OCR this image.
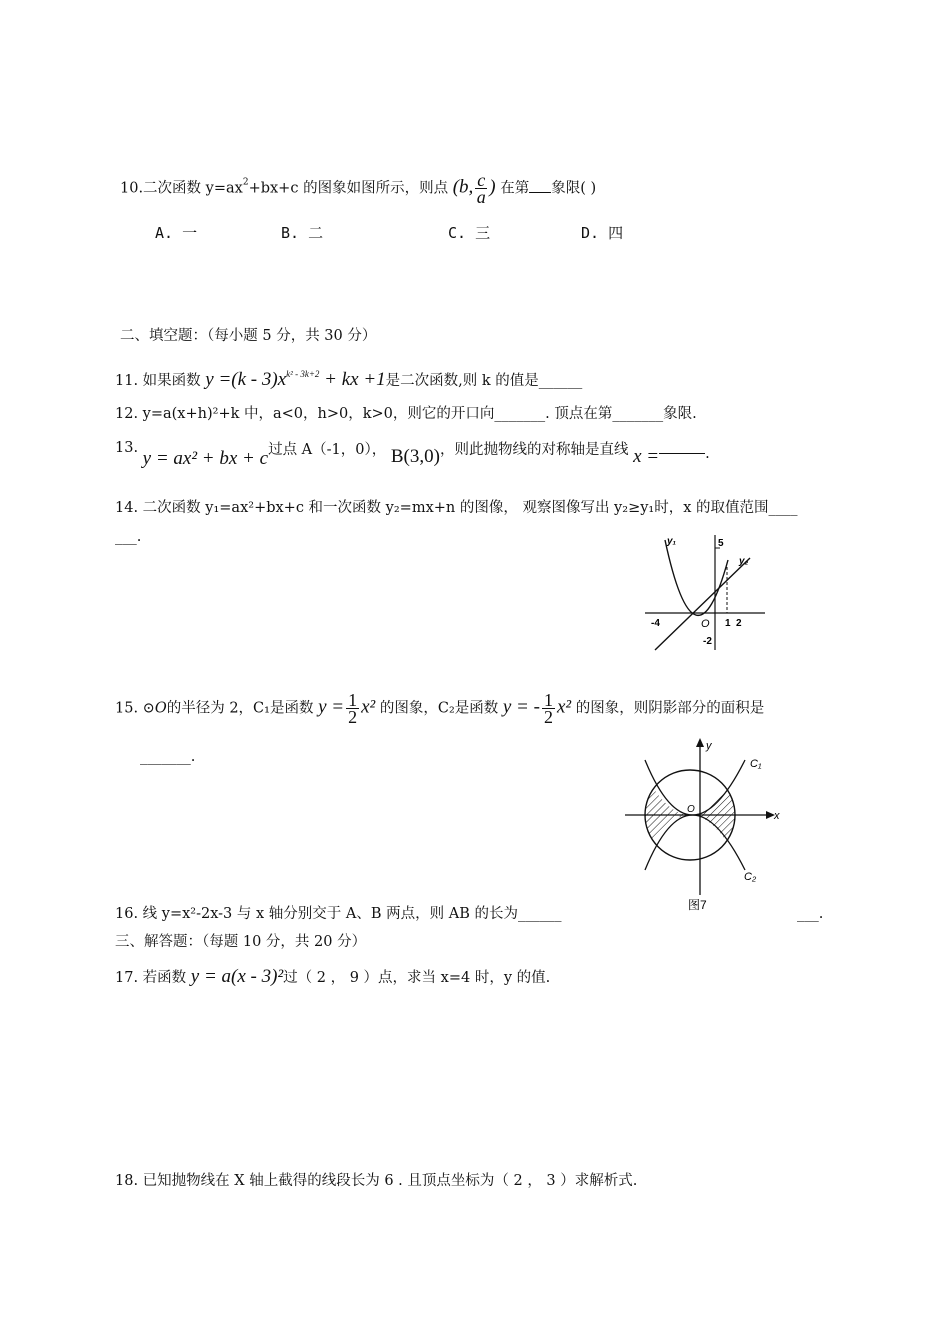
10.二次函数 $y=ax^2+bx+c$ 的图象如图所示，则点 (b, $\frac{c}{a}$ ) 在第 象限( )
A. 一	B. 二	C. 三	D. 四
二、填空题：（每小题 5 分，共 30 分）
11. 如果函数 $y =(k - 3)x^{k^2 - 3k+2}$ + kx +1是二次函数,则 k 的值是______
12. y=a(x+h)²+k 中，a<0，h>0，k>0，则它的开口向_______. 顶点在第_______象限.
13. y = ax² + bx + c过点 A（-1，0）， B(3,0)，则此抛物线的对称轴是直线 x =	.
14. 二次函数 y₁=ax²+bx+c 和一次函数 y₂=mx+n 的图像， 观察图像写出 y₂≥y₁时，x 的取值范围____
___.	y₁
y₂
5
-4	O 1 2
-2
15. ⊙O的半径为 2，C₁是函数 $y = \frac{1}{2} x^2$ 的图象，C₂是函数 y = - $\frac{1}{2} x^2$ 的图象，则阴影部分的面积是
_______.
y
x
C₁
C₂
O
图7
16. 线 y=x²-2x-3 与 x 轴分别交于 A、B 两点，则 AB 的长为______	___.
三、解答题：（每题 10 分，共 20 分）
17. 若函数 y = a(x - 3)²过（ 2 ， 9 ）点，求当 x=4 时，y 的值.
18. 已知抛物线在 X 轴上截得的线段长为 6 . 且顶点坐标为（ 2 ， 3 ）求解析式.
